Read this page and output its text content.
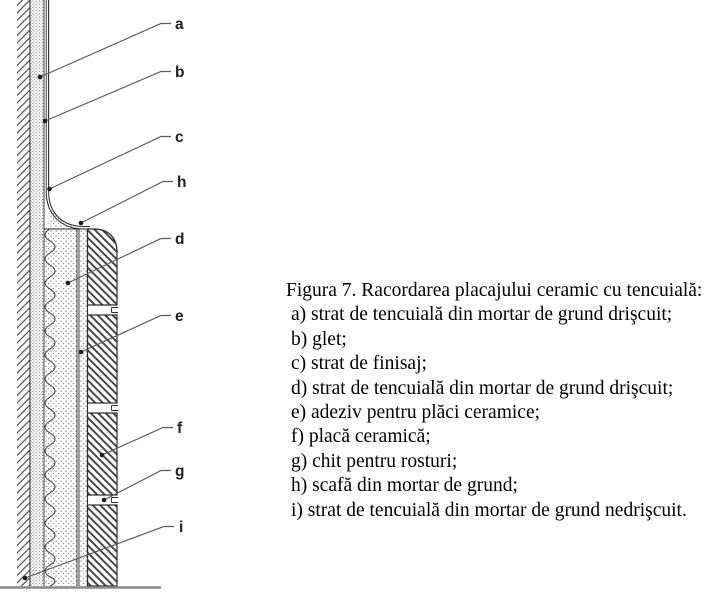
a
b
c
h
d
e
f
g
i
Figura 7. Racordarea placajului ceramic cu tencuială:
a) strat de tencuială din mortar de grund drişcuit;
b) glet;
c) strat de finisaj;
d) strat de tencuială din mortar de grund drişcuit;
e) adeziv pentru plăci ceramice;
f) placă ceramică;
g) chit pentru rosturi;
h) scafă din mortar de grund;
i) strat de tencuială din mortar de grund nedrişcuit.
